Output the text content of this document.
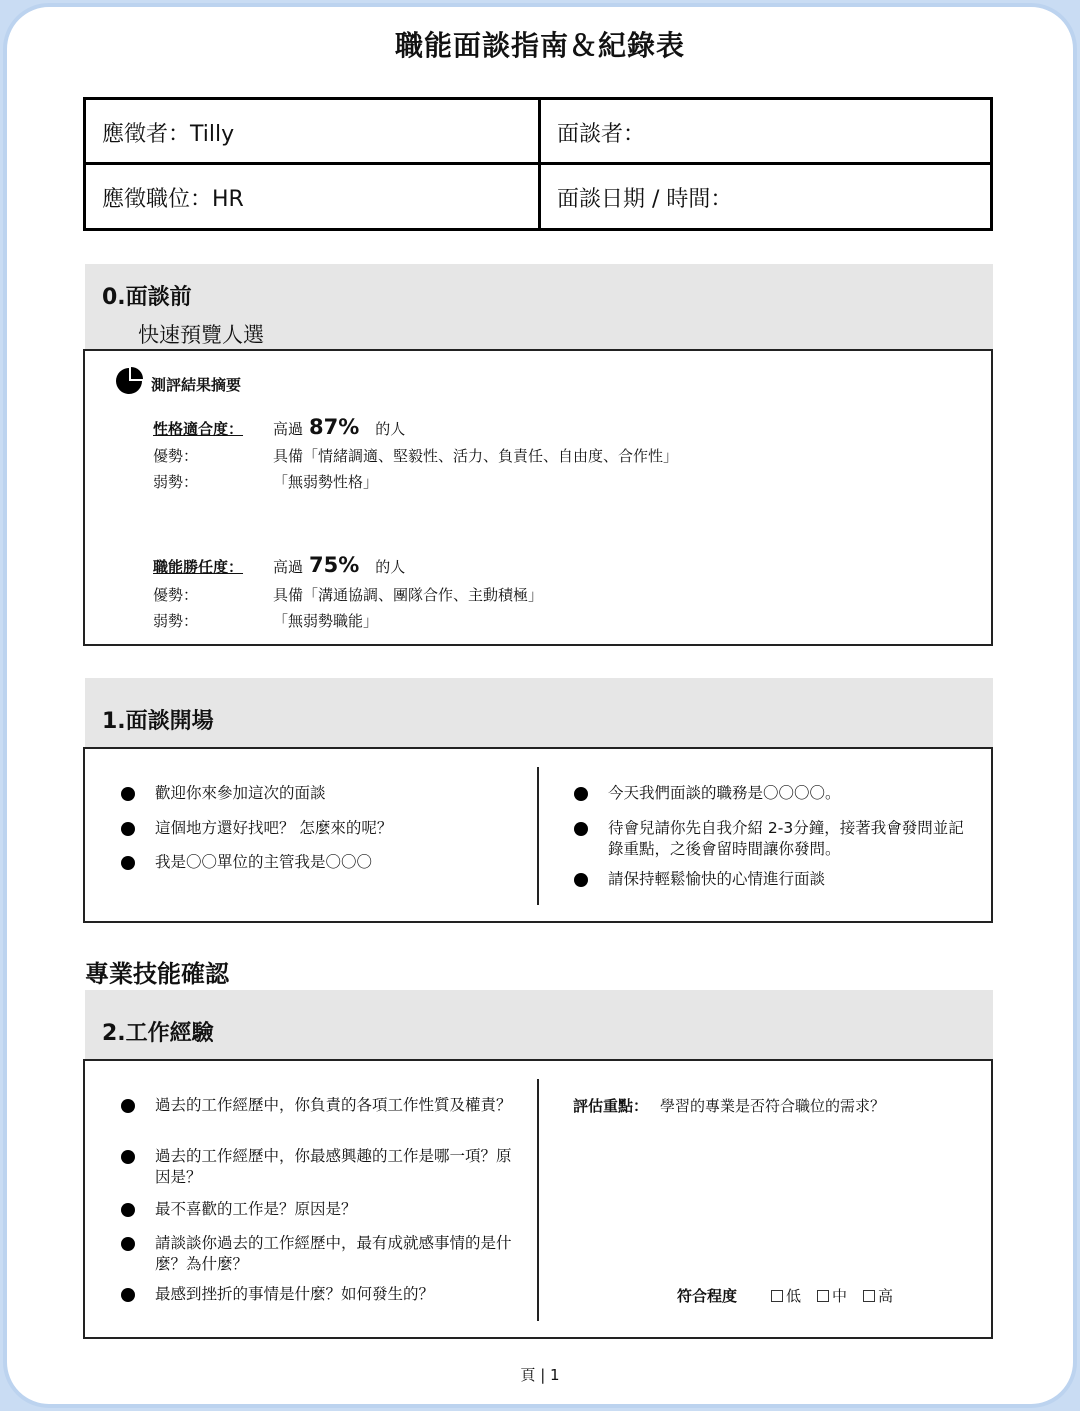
職能面談指南＆紀錄表
應徵者：Tilly	面談者：
應徵職位：HR	面談日期 / 時間：
0.面談前
快速預覽人選
測評結果摘要
性格適合度：	高過 87% 的人
優勢：	具備「情緒調適、堅毅性、活力、負責任、自由度、合作性」
弱勢：	「無弱勢性格」
職能勝任度：	高過 75% 的人
優勢：	具備「溝通協調、團隊合作、主動積極」
弱勢：	「無弱勢職能」
1.面談開場
歡迎你來參加這次的面談
這個地方還好找吧？ 怎麼來的呢？
我是〇〇單位的主管我是〇〇〇
今天我們面談的職務是〇〇〇〇。
待會兒請你先自我介紹 2-3分鐘，接著我會發問並記錄重點，之後會留時間讓你發問。
請保持輕鬆愉快的心情進行面談
專業技能確認
2.工作經驗
過去的工作經歷中，你負責的各項工作性質及權責？
過去的工作經歷中，你最感興趣的工作是哪一項？原因是？
最不喜歡的工作是？原因是？
請談談你過去的工作經歷中，最有成就感事情的是什麼？為什麼？
最感到挫折的事情是什麼？如何發生的？
評估重點： 學習的專業是否符合職位的需求？
符合程度	低 中 高
頁 | 1
